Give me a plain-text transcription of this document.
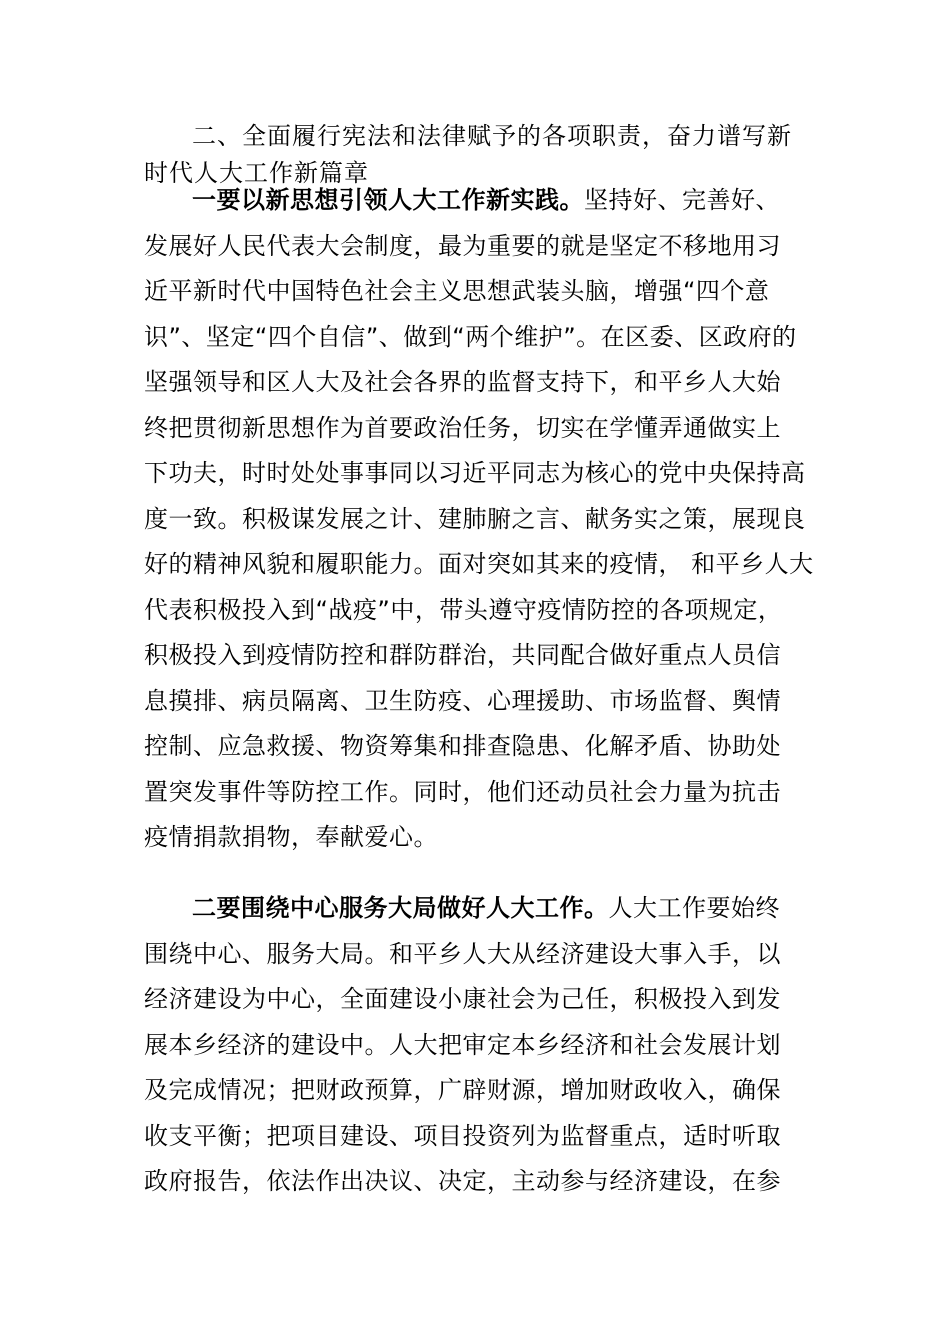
二、全面履行宪法和法律赋予的各项职责，奋力谱写新
时代人大工作新篇章
一要以新思想引领人大工作新实践。坚持好、完善好、
发展好人民代表大会制度，最为重要的就是坚定不移地用习
近平新时代中国特色社会主义思想武装头脑，增强“四个意
识”、坚定“四个自信”、做到“两个维护”。在区委、区政府的
坚强领导和区人大及社会各界的监督支持下，和平乡人大始
终把贯彻新思想作为首要政治任务，切实在学懂弄通做实上
下功夫，时时处处事事同以习近平同志为核心的党中央保持高
度一致。积极谋发展之计、建肺腑之言、献务实之策，展现良
好的精神风貌和履职能力。面对突如其来的疫情， 和平乡人大
代表积极投入到“战疫”中，带头遵守疫情防控的各项规定，
积极投入到疫情防控和群防群治，共同配合做好重点人员信
息摸排、病员隔离、卫生防疫、心理援助、市场监督、舆情
控制、应急救援、物资筹集和排查隐患、化解矛盾、协助处
置突发事件等防控工作。同时，他们还动员社会力量为抗击
疫情捐款捐物，奉献爱心。
二要围绕中心服务大局做好人大工作。人大工作要始终
围绕中心、服务大局。和平乡人大从经济建设大事入手，以
经济建设为中心，全面建设小康社会为己任，积极投入到发
展本乡经济的建设中。人大把审定本乡经济和社会发展计划
及完成情况；把财政预算，广辟财源，增加财政收入，确保
收支平衡；把项目建设、项目投资列为监督重点，适时听取
政府报告，依法作出决议、决定，主动参与经济建设，在参
